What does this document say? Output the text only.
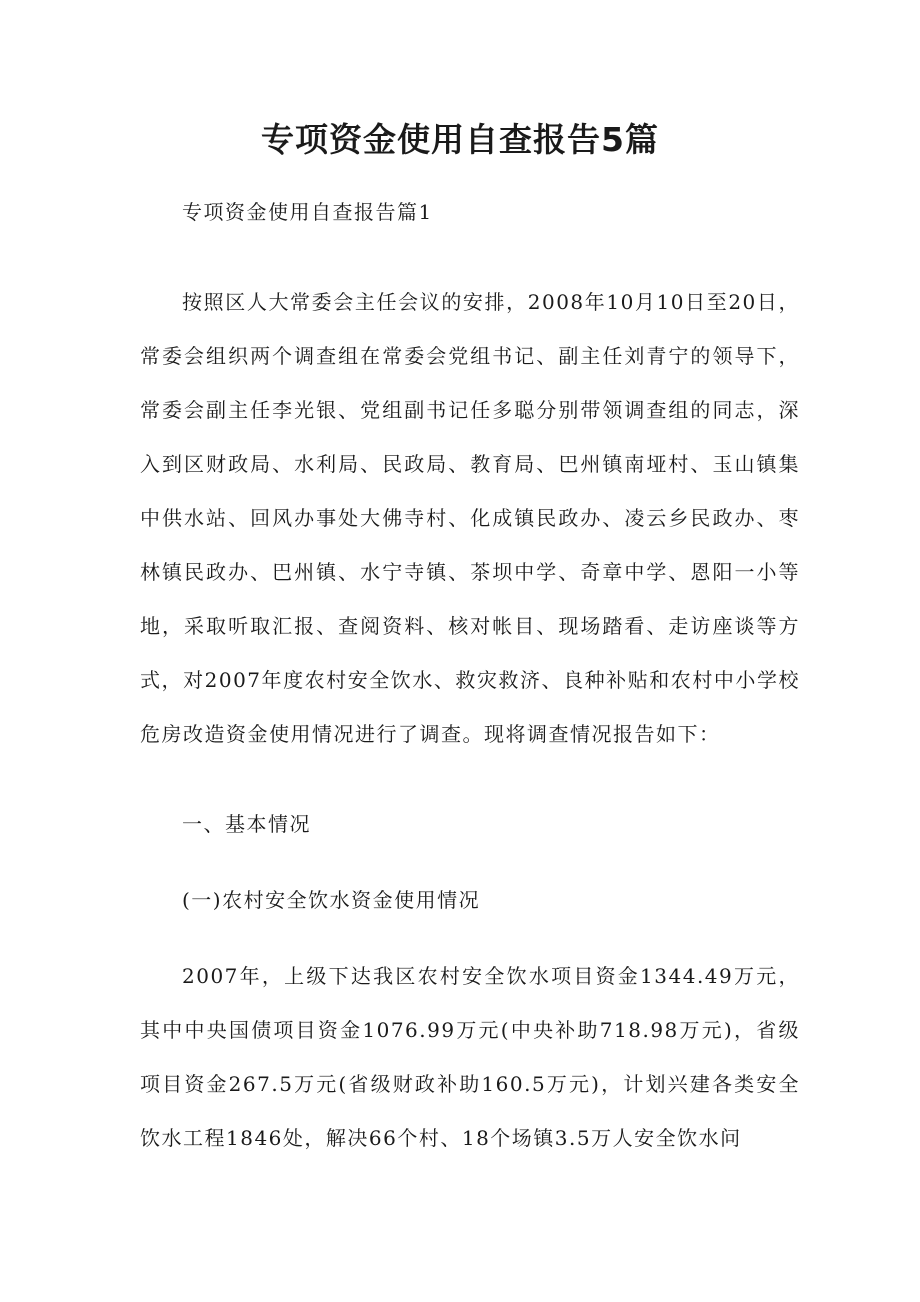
专项资金使用自查报告5篇

专项资金使用自查报告篇1

按照区人大常委会主任会议的安排，2008年10月10日至20日，常委会组织两个调查组在常委会党组书记、副主任刘青宁的领导下，常委会副主任李光银、党组副书记任多聪分别带领调查组的同志，深入到区财政局、水利局、民政局、教育局、巴州镇南垭村、玉山镇集中供水站、回风办事处大佛寺村、化成镇民政办、凌云乡民政办、枣林镇民政办、巴州镇、水宁寺镇、茶坝中学、奇章中学、恩阳一小等地，采取听取汇报、查阅资料、核对帐目、现场踏看、走访座谈等方式，对2007年度农村安全饮水、救灾救济、良种补贴和农村中小学校危房改造资金使用情况进行了调查。现将调查情况报告如下：

一、基本情况

(一)农村安全饮水资金使用情况

2007年，上级下达我区农村安全饮水项目资金1344.49万元，其中中央国债项目资金1076.99万元(中央补助718.98万元)，省级项目资金267.5万元(省级财政补助160.5万元)，计划兴建各类安全饮水工程1846处，解决66个村、18个场镇3.5万人安全饮水问
